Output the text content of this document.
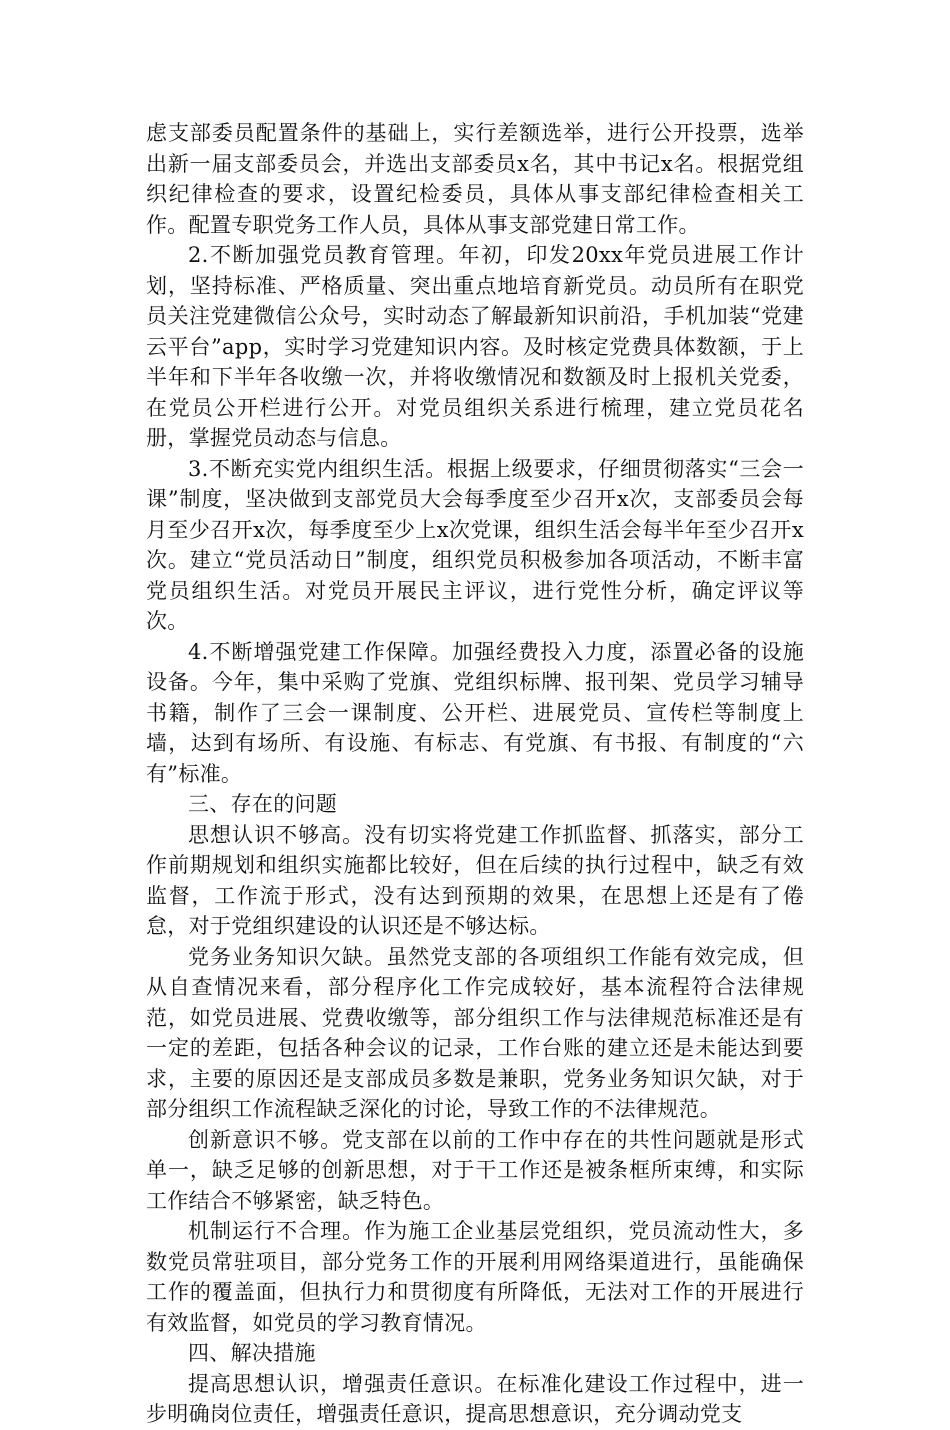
虑支部委员配置条件的基础上，实行差额选举，进行公开投票，选举出新一届支部委员会，并选出支部委员x名，其中书记x名。根据党组织纪律检查的要求，设置纪检委员，具体从事支部纪律检查相关工作。配置专职党务工作人员，具体从事支部党建日常工作。

2.不断加强党员教育管理。年初，印发20xx年党员进展工作计划，坚持标准、严格质量、突出重点地培育新党员。动员所有在职党员关注党建微信公众号，实时动态了解最新知识前沿，手机加装“党建云平台”app，实时学习党建知识内容。及时核定党费具体数额，于上半年和下半年各收缴一次，并将收缴情况和数额及时上报机关党委，在党员公开栏进行公开。对党员组织关系进行梳理，建立党员花名册，掌握党员动态与信息。

3.不断充实党内组织生活。根据上级要求，仔细贯彻落实“三会一课”制度，坚决做到支部党员大会每季度至少召开x次，支部委员会每月至少召开x次，每季度至少上x次党课，组织生活会每半年至少召开x次。建立“党员活动日”制度，组织党员积极参加各项活动，不断丰富党员组织生活。对党员开展民主评议，进行党性分析，确定评议等次。

4.不断增强党建工作保障。加强经费投入力度，添置必备的设施设备。今年，集中采购了党旗、党组织标牌、报刊架、党员学习辅导书籍，制作了三会一课制度、公开栏、进展党员、宣传栏等制度上墙，达到有场所、有设施、有标志、有党旗、有书报、有制度的“六有”标准。

三、存在的问题

思想认识不够高。没有切实将党建工作抓监督、抓落实，部分工作前期规划和组织实施都比较好，但在后续的执行过程中，缺乏有效监督，工作流于形式，没有达到预期的效果，在思想上还是有了倦怠，对于党组织建设的认识还是不够达标。

党务业务知识欠缺。虽然党支部的各项组织工作能有效完成，但从自查情况来看，部分程序化工作完成较好，基本流程符合法律规范，如党员进展、党费收缴等，部分组织工作与法律规范标准还是有一定的差距，包括各种会议的记录，工作台账的建立还是未能达到要求，主要的原因还是支部成员多数是兼职，党务业务知识欠缺，对于部分组织工作流程缺乏深化的讨论，导致工作的不法律规范。

创新意识不够。党支部在以前的工作中存在的共性问题就是形式单一，缺乏足够的创新思想，对于干工作还是被条框所束缚，和实际工作结合不够紧密，缺乏特色。

机制运行不合理。作为施工企业基层党组织，党员流动性大，多数党员常驻项目，部分党务工作的开展利用网络渠道进行，虽能确保工作的覆盖面，但执行力和贯彻度有所降低，无法对工作的开展进行有效监督，如党员的学习教育情况。

四、解决措施

提高思想认识，增强责任意识。在标准化建设工作过程中，进一步明确岗位责任，增强责任意识，提高思想意识，充分调动党支
